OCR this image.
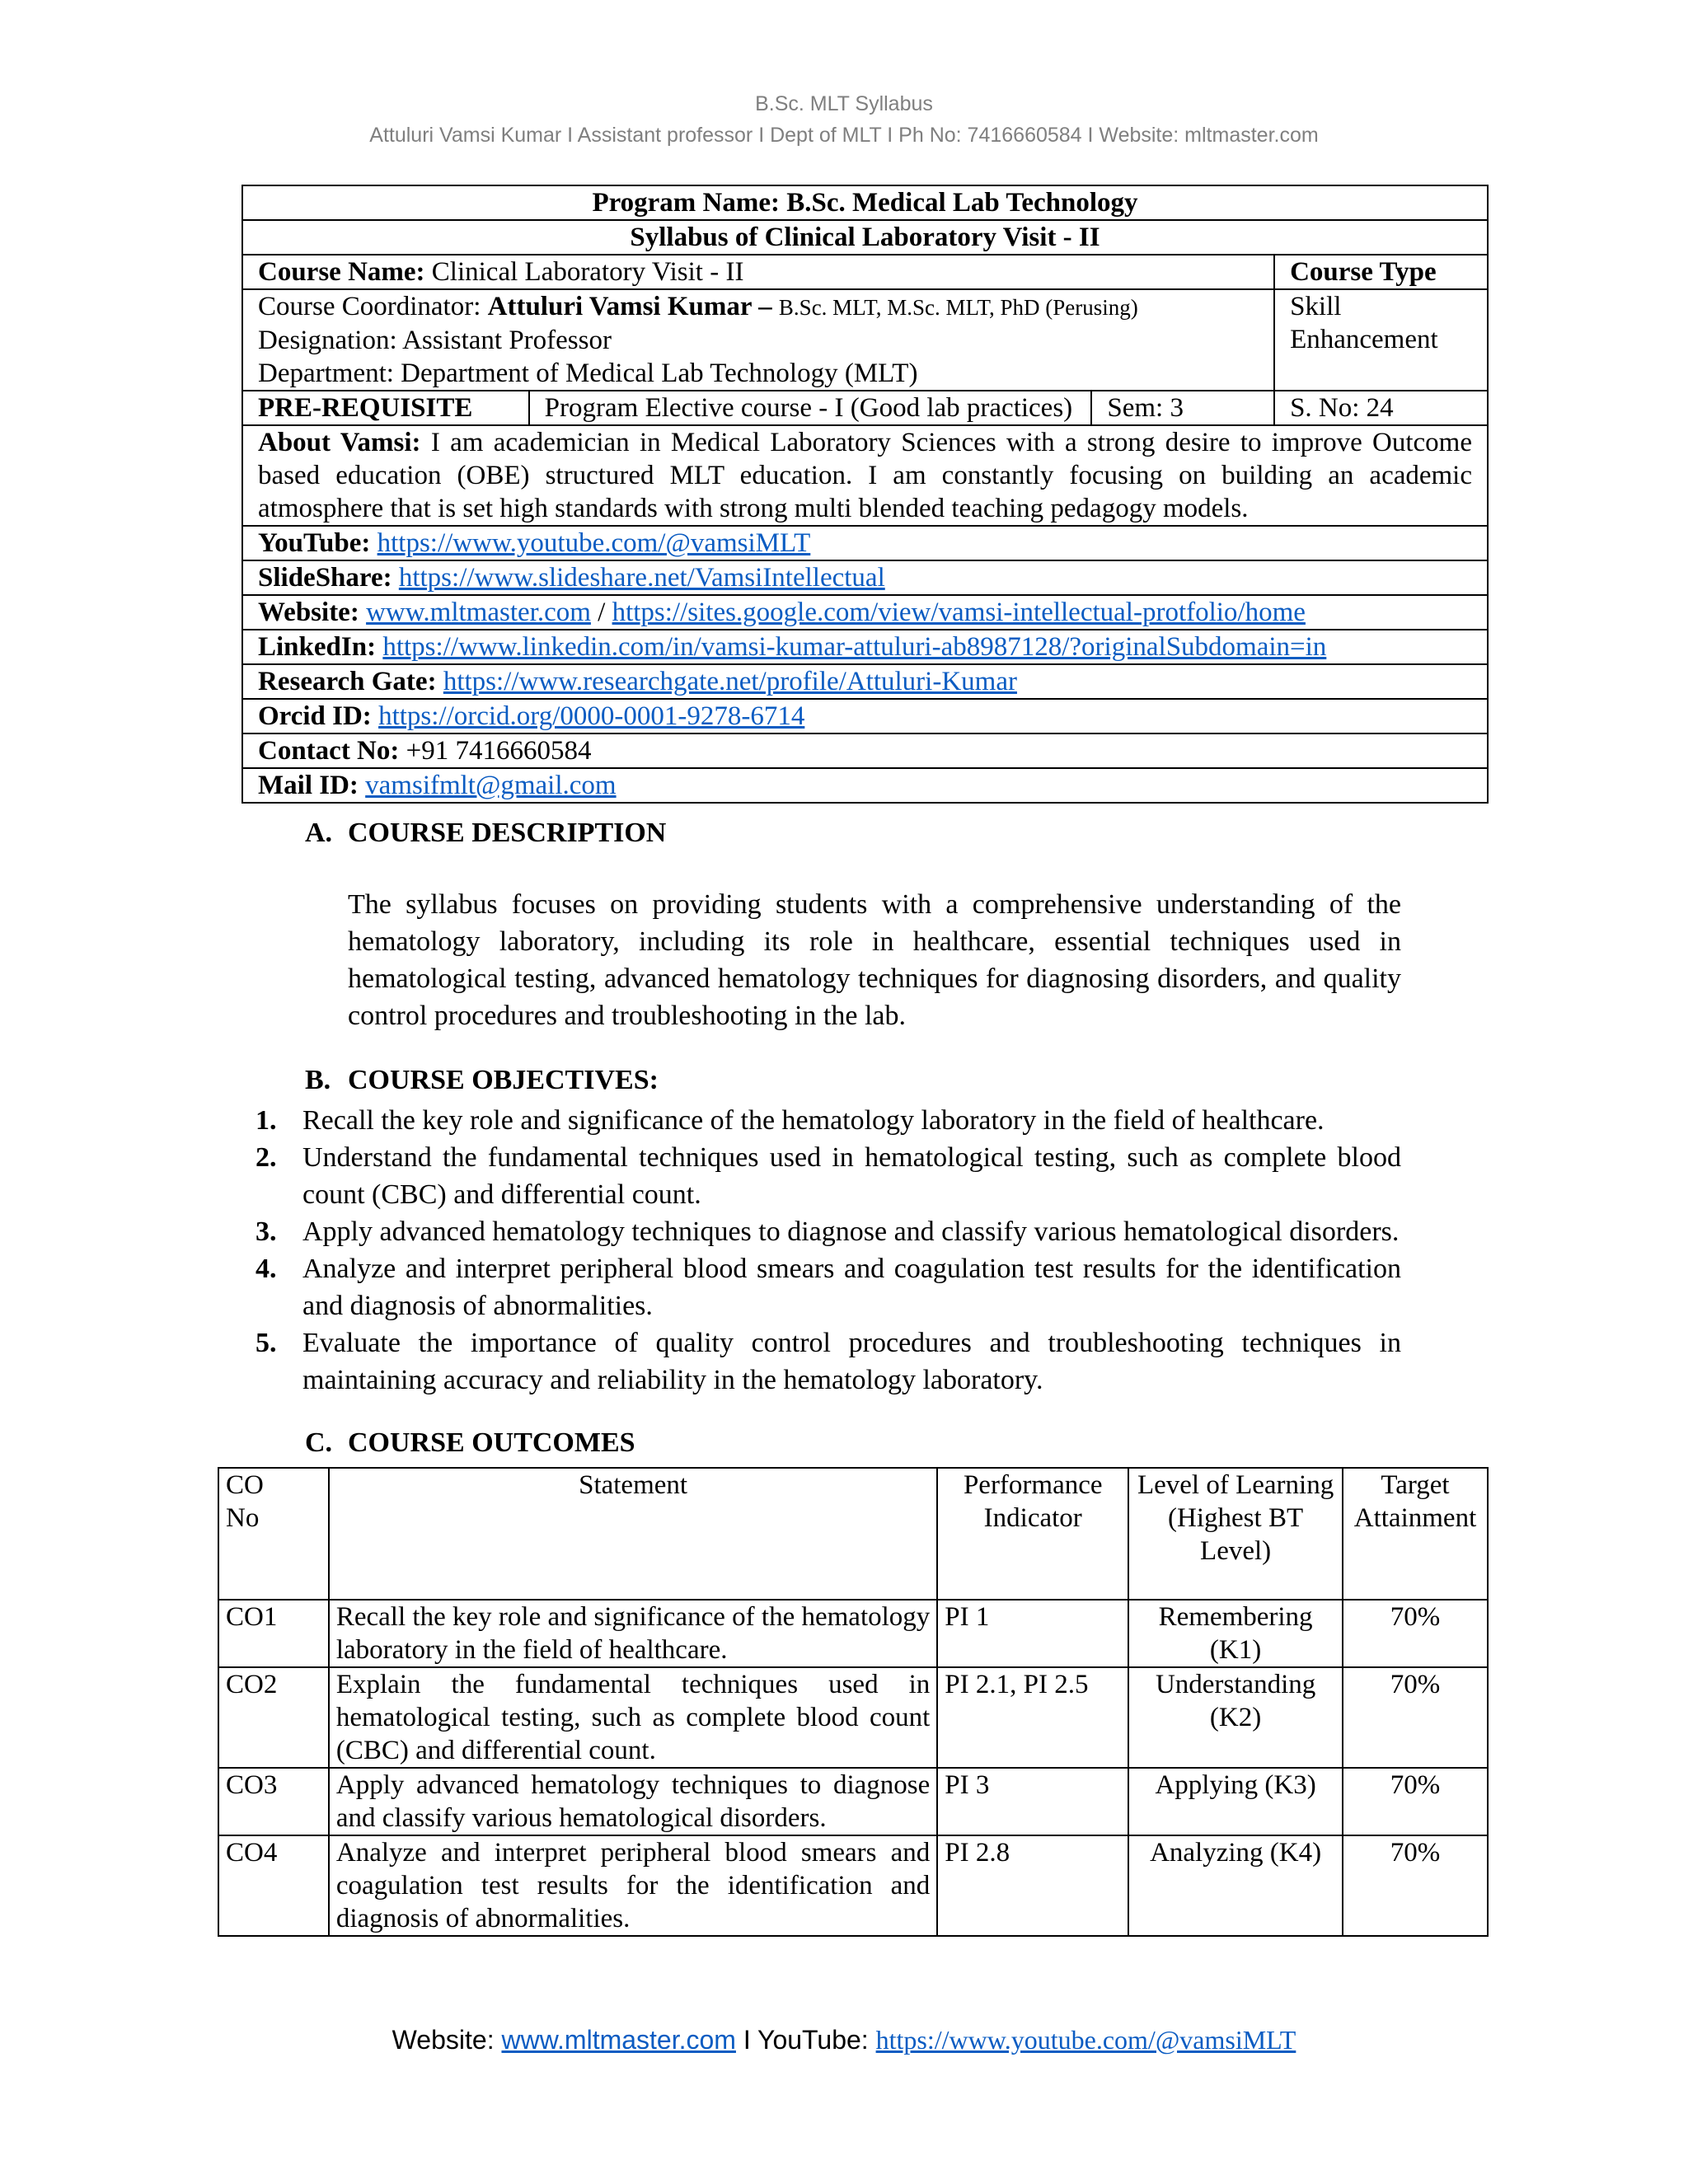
B.Sc. MLT Syllabus
Attuluri Vamsi Kumar I Assistant professor I Dept of MLT I Ph No: 7416660584 I Website: mltmaster.com
Program Name: B.Sc. Medical Lab Technology			
Syllabus of Clinical Laboratory Visit - II			
Course Name: Clinical Laboratory Visit - II			Course Type

Course Coordinator: Attuluri Vamsi Kumar – B.Sc. MLT, M.Sc. MLT, PhD (Perusing)
Designation: Assistant Professor
Department: Department of Medical Lab Technology (MLT)			Skill Enhancement
PRE-REQUISITE	Program Elective course - I (Good lab practices)	Sem: 3	S. No: 24
About Vamsi: I am academician in Medical Laboratory Sciences with a strong desire to improve Outcome based education (OBE) structured MLT education. I am constantly focusing on building an academic atmosphere that is set high standards with strong multi blended teaching pedagogy models.			
YouTube: https://www.youtube.com/@vamsiMLT			
SlideShare: https://www.slideshare.net/VamsiIntellectual			
Website: www.mltmaster.com / https://sites.google.com/view/vamsi-intellectual-protfolio/home			
LinkedIn: https://www.linkedin.com/in/vamsi-kumar-attuluri-ab8987128/?originalSubdomain=in			
Research Gate: https://www.researchgate.net/profile/Attuluri-Kumar			
Orcid ID: https://orcid.org/0000-0001-9278-6714			
Contact No: +91 7416660584			
Mail ID: vamsifmlt@gmail.com			
A. COURSE DESCRIPTION
The syllabus focuses on providing students with a comprehensive understanding of the hematology laboratory, including its role in healthcare, essential techniques used in hematological testing, advanced hematology techniques for diagnosing disorders, and quality control procedures and troubleshooting in the lab.
B. COURSE OBJECTIVES:
1. Recall the key role and significance of the hematology laboratory in the field of healthcare.
2. Understand the fundamental techniques used in hematological testing, such as complete blood count (CBC) and differential count.
3. Apply advanced hematology techniques to diagnose and classify various hematological disorders.
4. Analyze and interpret peripheral blood smears and coagulation test results for the identification and diagnosis of abnormalities.
5. Evaluate the importance of quality control procedures and troubleshooting techniques in maintaining accuracy and reliability in the hematology laboratory.
C. COURSE OUTCOMES
CO No	Statement	Performance Indicator	Level of Learning (Highest BT Level)	Target Attainment
CO1	Recall the key role and significance of the hematology laboratory in the field of healthcare.	PI 1	Remembering (K1)	70%
CO2	Explain the fundamental techniques used in hematological testing, such as complete blood count (CBC) and differential count.	PI 2.1, PI 2.5	Understanding (K2)	70%
CO3	Apply advanced hematology techniques to diagnose and classify various hematological disorders.	PI 3	Applying (K3)	70%
CO4	Analyze and interpret peripheral blood smears and coagulation test results for the identification and diagnosis of abnormalities.	PI 2.8	Analyzing (K4)	70%
Website: www.mltmaster.com I YouTube: https://www.youtube.com/@vamsiMLT
